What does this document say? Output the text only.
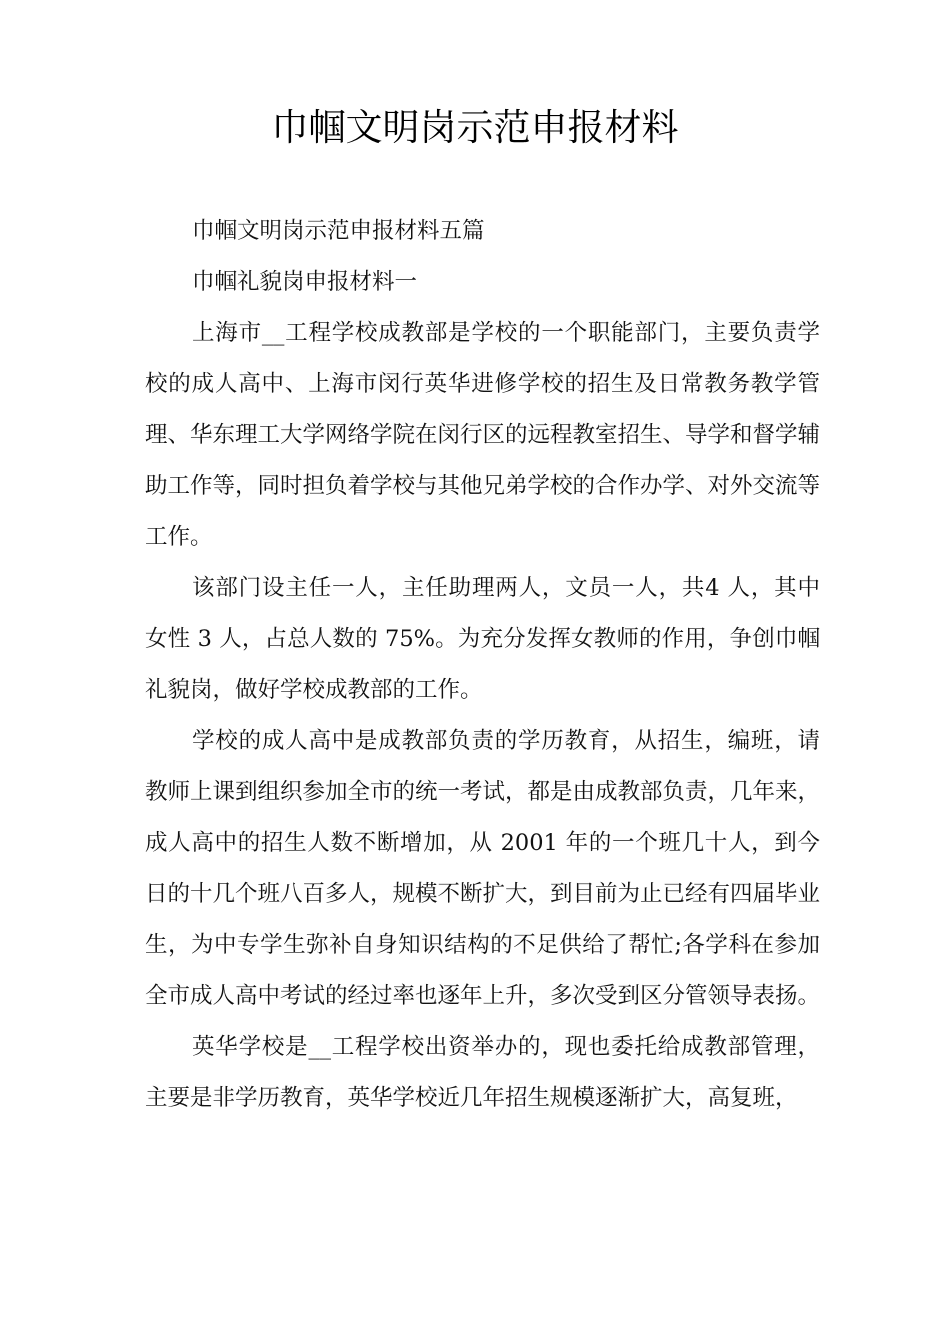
巾帼文明岗示范申报材料

巾帼文明岗示范申报材料五篇

巾帼礼貌岗申报材料一

上海市__工程学校成教部是学校的一个职能部门，主要负责学校的成人高中、上海市闵行英华进修学校的招生及日常教务教学管理、华东理工大学网络学院在闵行区的远程教室招生、导学和督学辅助工作等，同时担负着学校与其他兄弟学校的合作办学、对外交流等工作。

该部门设主任一人，主任助理两人，文员一人，共4 人，其中女性 3 人，占总人数的 75%。为充分发挥女教师的作用，争创巾帼礼貌岗，做好学校成教部的工作。

学校的成人高中是成教部负责的学历教育，从招生，编班，请教师上课到组织参加全市的统一考试，都是由成教部负责，几年来，成人高中的招生人数不断增加，从 2001 年的一个班几十人，到今日的十几个班八百多人，规模不断扩大，到目前为止已经有四届毕业生，为中专学生弥补自身知识结构的不足供给了帮忙;各学科在参加全市成人高中考试的经过率也逐年上升，多次受到区分管领导表扬。

英华学校是__工程学校出资举办的，现也委托给成教部管理，主要是非学历教育，英华学校近几年招生规模逐渐扩大，高复班，
